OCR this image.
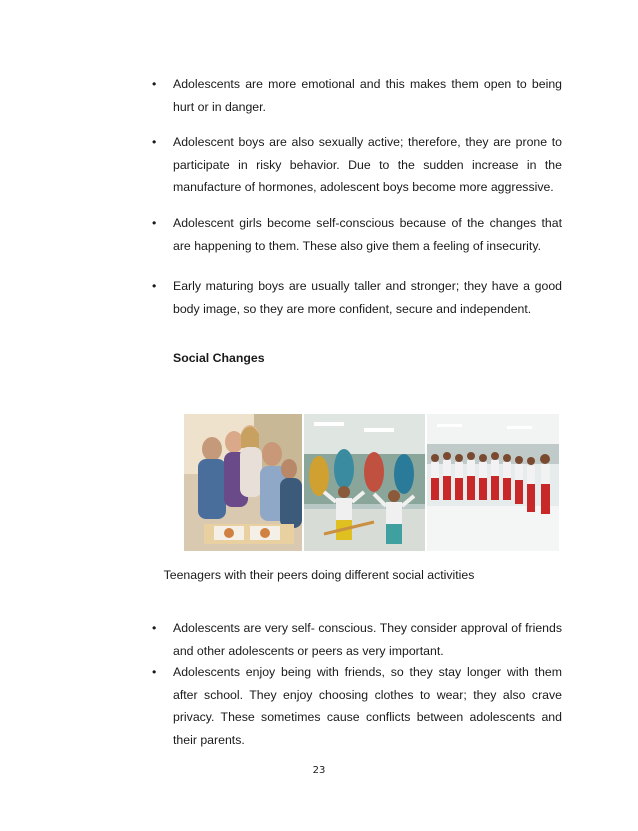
•	Adolescents are more emotional and this makes them open to being hurt or in danger.
•	Adolescent boys are also sexually active; therefore, they are prone to participate in risky behavior. Due to the sudden increase in the manufacture of hormones, adolescent boys become more aggressive.
•	Adolescent girls become self-conscious because of the changes that are happening to them. These also give them a feeling of insecurity.
•	Early maturing boys are usually taller and stronger; they have a good body image, so they are more confident, secure and independent.
Social Changes
Teenagers with their peers doing different social activities
•	Adolescents are very self- conscious. They consider approval of friends and other adolescents or peers as very important.
•	Adolescents enjoy being with friends, so they stay longer with them after school. They enjoy choosing clothes to wear; they also crave privacy. These sometimes cause conflicts between adolescents and their parents.
23
